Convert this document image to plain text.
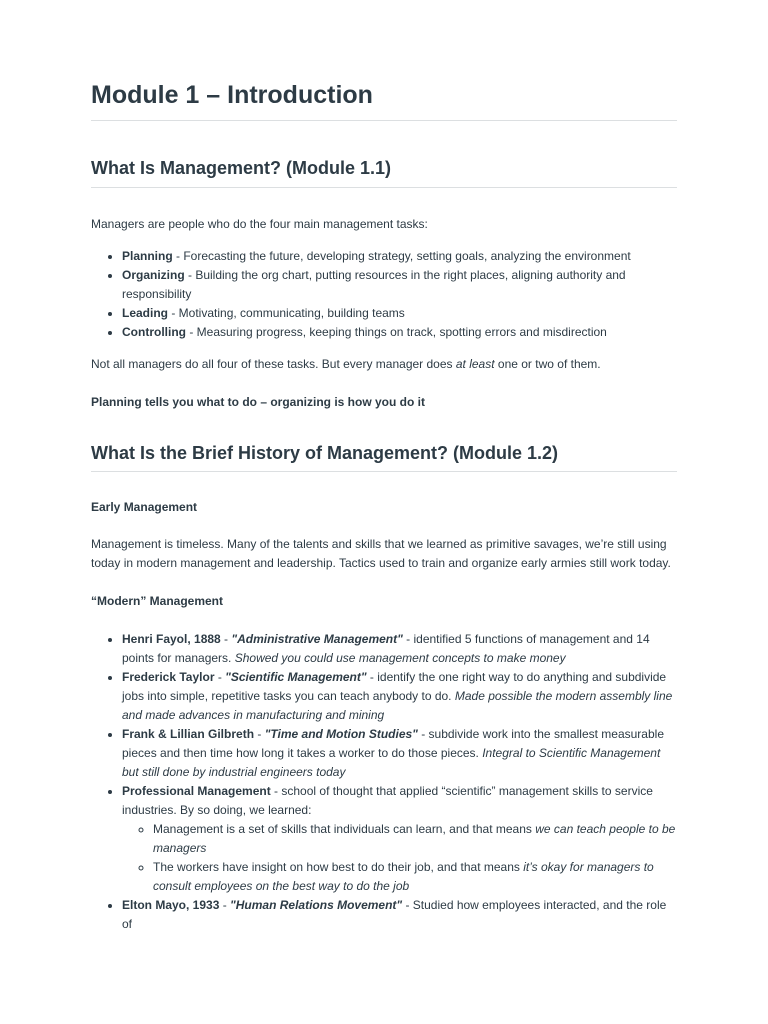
Module 1 – Introduction
What Is Management? (Module 1.1)

Managers are people who do the four main management tasks:

• Planning - Forecasting the future, developing strategy, setting goals, analyzing the environment
• Organizing - Building the org chart, putting resources in the right places, aligning authority and responsibility
• Leading - Motivating, communicating, building teams
• Controlling - Measuring progress, keeping things on track, spotting errors and misdirection

Not all managers do all four of these tasks. But every manager does at least one or two of them.

Planning tells you what to do – organizing is how you do it

What Is the Brief History of Management? (Module 1.2)

Early Management

Management is timeless. Many of the talents and skills that we learned as primitive savages, we’re still using today in modern management and leadership. Tactics used to train and organize early armies still work today.

“Modern” Management

• Henri Fayol, 1888 - "Administrative Management" - identified 5 functions of management and 14 points for managers. Showed you could use management concepts to make money
• Frederick Taylor - "Scientific Management" - identify the one right way to do anything and subdivide jobs into simple, repetitive tasks you can teach anybody to do. Made possible the modern assembly line and made advances in manufacturing and mining
• Frank & Lillian Gilbreth - "Time and Motion Studies" - subdivide work into the smallest measurable pieces and then time how long it takes a worker to do those pieces. Integral to Scientific Management but still done by industrial engineers today
• Professional Management - school of thought that applied “scientific” management skills to service industries. By so doing, we learned:
◦ Management is a set of skills that individuals can learn, and that means we can teach people to be managers
◦ The workers have insight on how best to do their job, and that means it’s okay for managers to consult employees on the best way to do the job
• Elton Mayo, 1933 - "Human Relations Movement" - Studied how employees interacted, and the role of
